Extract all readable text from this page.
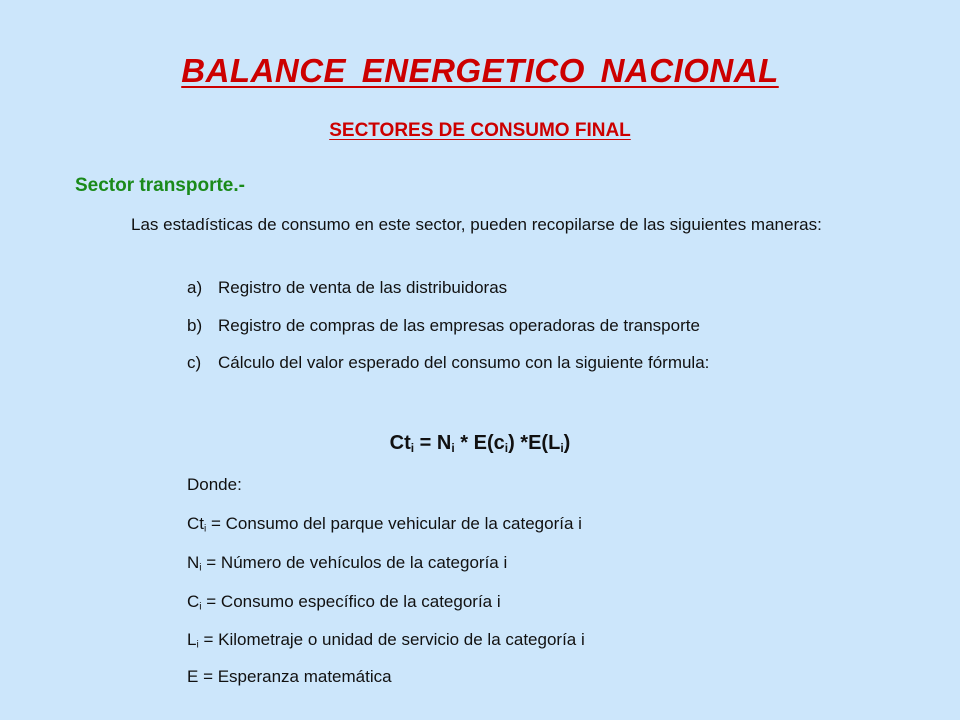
BALANCE ENERGETICO NACIONAL
SECTORES DE CONSUMO FINAL
Sector transporte.-
Las estadísticas de consumo en este sector, pueden recopilarse de las siguientes maneras:
a) Registro de venta de las distribuidoras
b) Registro de compras de las empresas operadoras de transporte
c) Cálculo del valor esperado del consumo con la siguiente fórmula:
$Ct_i = N_i * E(c_i)$ $*E(L_i)$
Donde:
$Ct_i$ = Consumo del parque vehicular de la categoría i
$N_i$ = Número de vehículos de la categoría i
$C_i$ = Consumo específico de la categoría i
$L_i$ = Kilometraje o unidad de servicio de la categoría i
E = Esperanza matemática
